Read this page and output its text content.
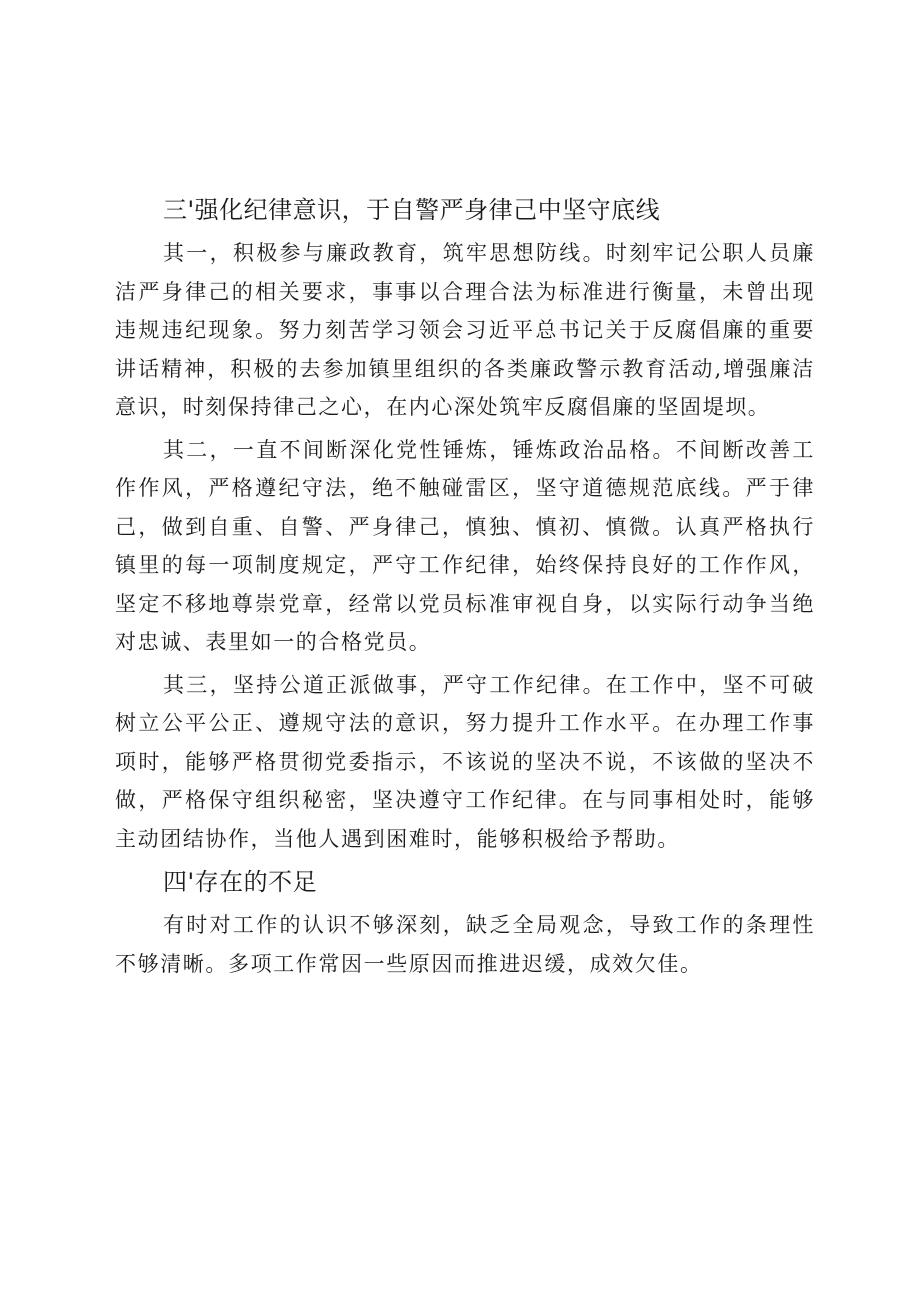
三'强化纪律意识，于自警严身律己中坚守底线

其一，积极参与廉政教育，筑牢思想防线。时刻牢记公职人员廉洁严身律己的相关要求，事事以合理合法为标准进行衡量，未曾出现违规违纪现象。努力刻苦学习领会习近平总书记关于反腐倡廉的重要讲话精神，积极的去参加镇里组织的各类廉政警示教育活动,增强廉洁意识，时刻保持律己之心，在内心深处筑牢反腐倡廉的坚固堤坝。

其二，一直不间断深化党性锤炼，锤炼政治品格。不间断改善工作作风，严格遵纪守法，绝不触碰雷区，坚守道德规范底线。严于律己，做到自重、自警、严身律己，慎独、慎初、慎微。认真严格执行镇里的每一项制度规定，严守工作纪律，始终保持良好的工作作风，坚定不移地尊崇党章，经常以党员标准审视自身，以实际行动争当绝对忠诚、表里如一的合格党员。

其三，坚持公道正派做事，严守工作纪律。在工作中，坚不可破树立公平公正、遵规守法的意识，努力提升工作水平。在办理工作事项时，能够严格贯彻党委指示，不该说的坚决不说，不该做的坚决不做，严格保守组织秘密，坚决遵守工作纪律。在与同事相处时，能够主动团结协作，当他人遇到困难时，能够积极给予帮助。

四'存在的不足

有时对工作的认识不够深刻，缺乏全局观念，导致工作的条理性不够清晰。多项工作常因一些原因而推进迟缓，成效欠佳。
